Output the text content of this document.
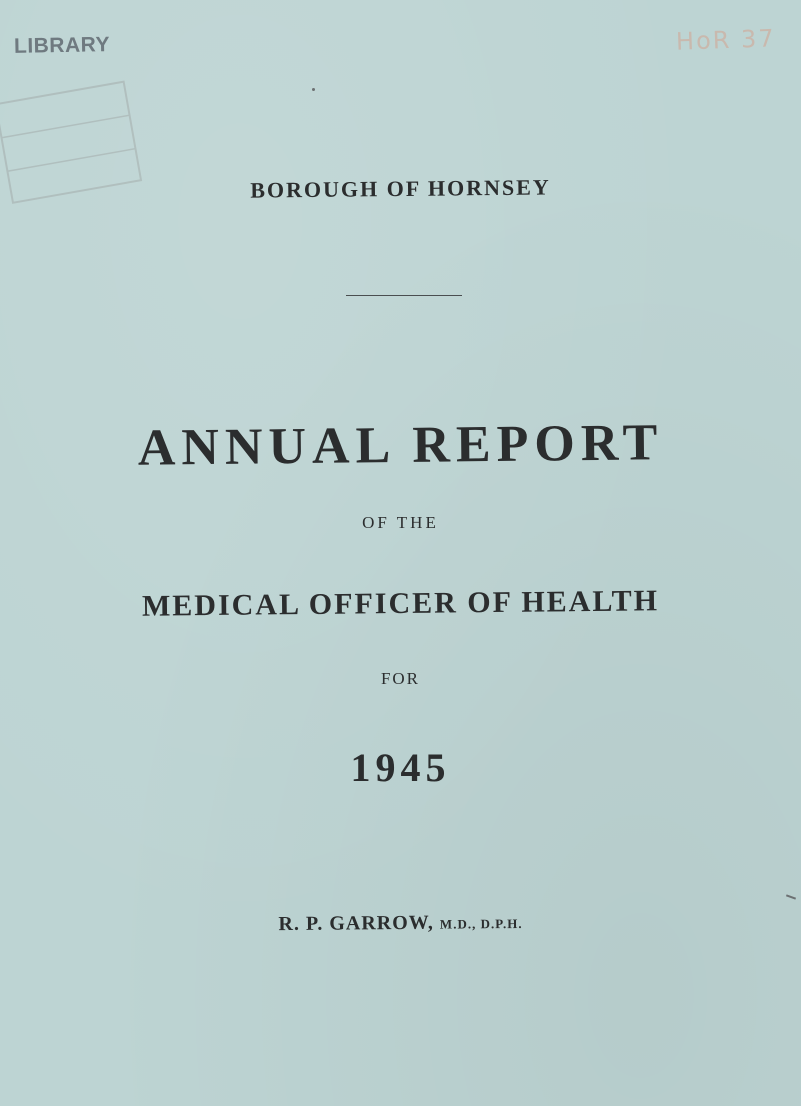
LIBRARY	HoR 37
BOROUGH OF HORNSEY
ANNUAL REPORT

OF THE

MEDICAL OFFICER OF HEALTH

FOR

1945

R. P. GARROW, M.D., D.P.H.
